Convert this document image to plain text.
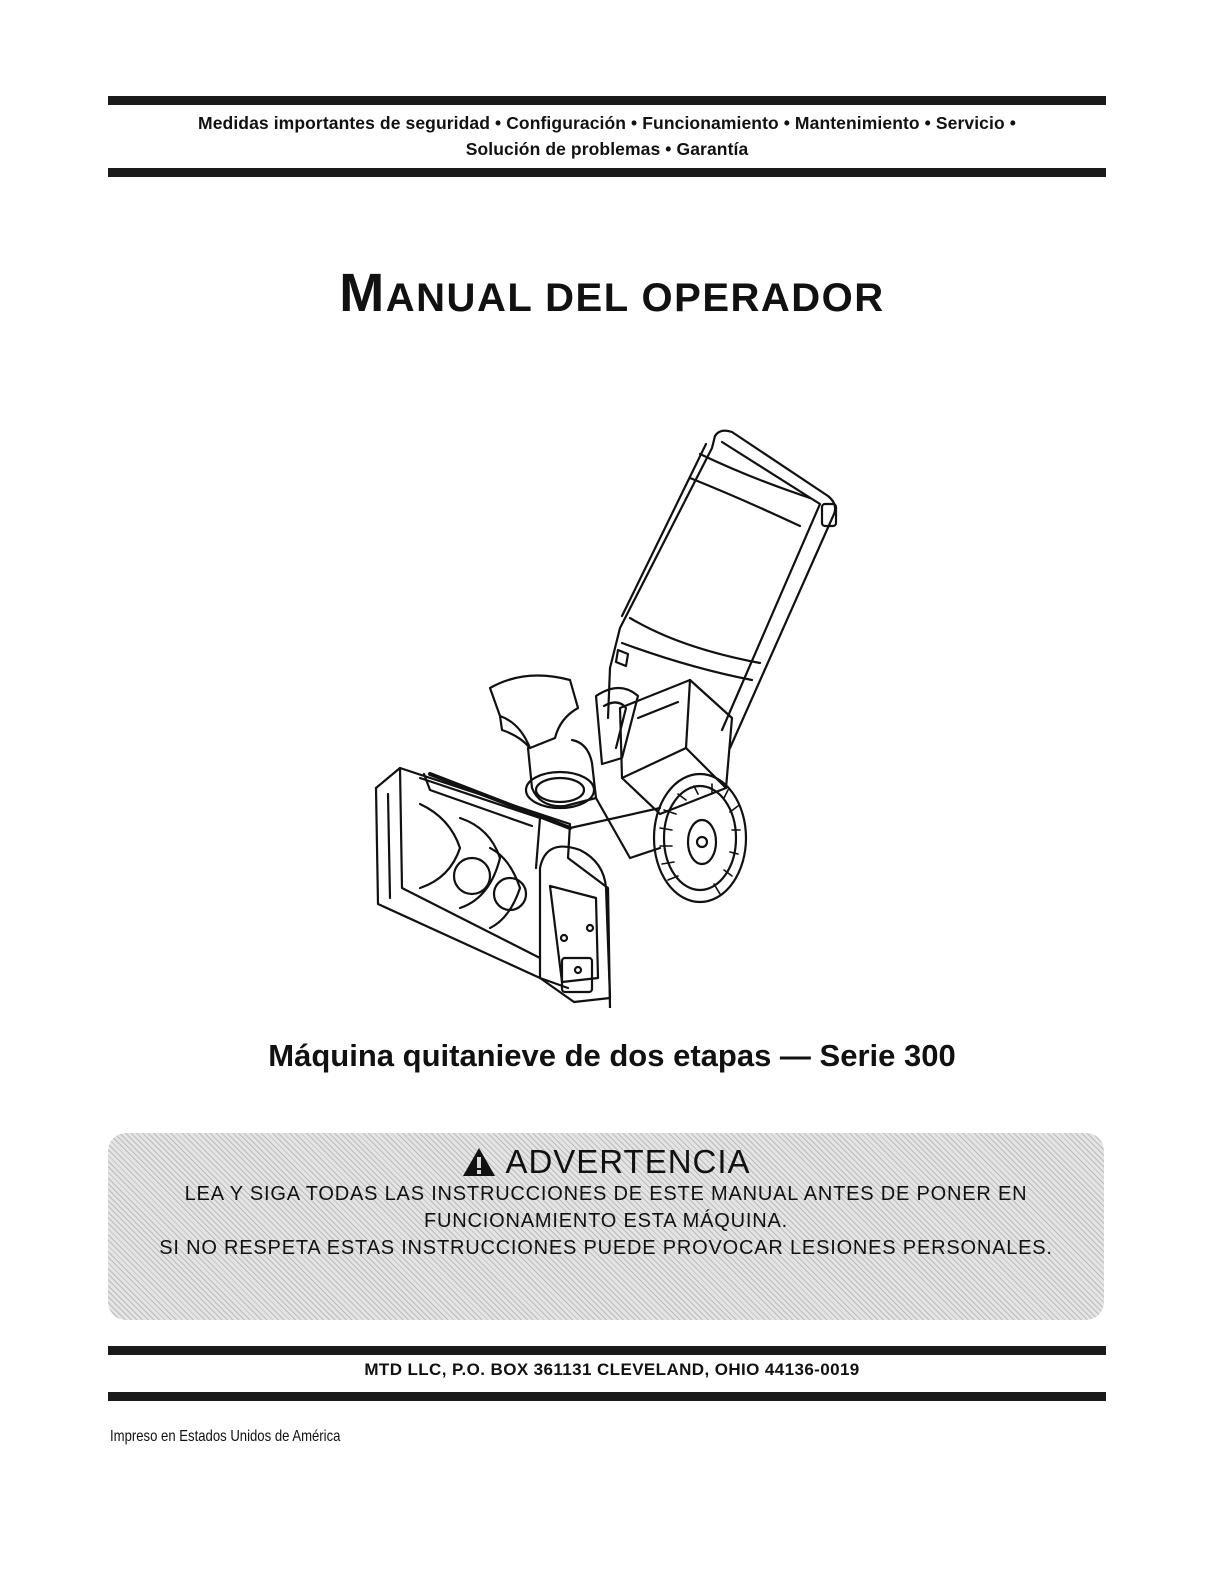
Medidas importantes de seguridad • Configuración • Funcionamiento • Mantenimiento • Servicio •
Solución de problemas • Garantía
MANUAL DEL OPERADOR
Máquina quitanieve de dos etapas — Serie 300
ADVERTENCIA
LEA Y SIGA TODAS LAS INSTRUCCIONES DE ESTE MANUAL ANTES DE PONER EN
FUNCIONAMIENTO ESTA MÁQUINA.
SI NO RESPETA ESTAS INSTRUCCIONES PUEDE PROVOCAR LESIONES PERSONALES.
MTD LLC, P.O. BOX 361131 CLEVELAND, OHIO 44136-0019
Impreso en Estados Unidos de América
